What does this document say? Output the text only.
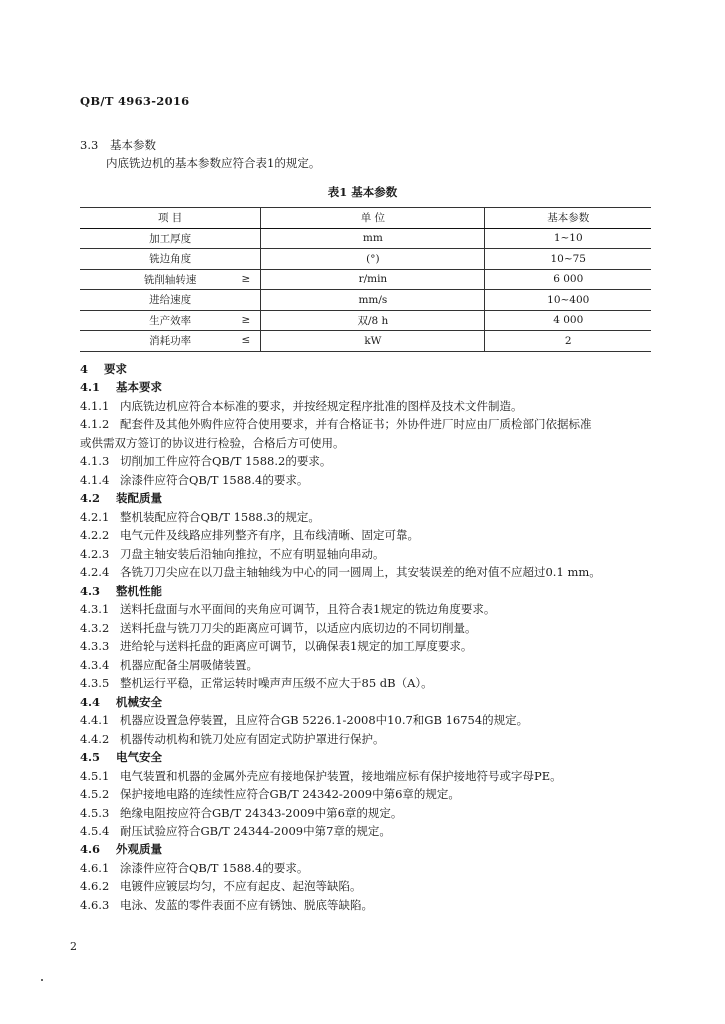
QB/T 4963-2016
3.3 基本参数
内底铣边机的基本参数应符合表1的规定。
表1 基本参数
项 目	单 位	基本参数
加工厚度	mm	1~10
铣边角度	(°)	10~75
铣削轴转速 ≥	r/min	6 000
进给速度	mm/s	10~400
生产效率 ≥	双/8 h	4 000
消耗功率 ≤	kW	2
4 要求
4.1 基本要求
4.1.1 内底铣边机应符合本标准的要求，并按经规定程序批准的图样及技术文件制造。
4.1.2 配套件及其他外购件应符合使用要求，并有合格证书；外协件进厂时应由厂质检部门依据标准
或供需双方签订的协议进行检验，合格后方可使用。
4.1.3 切削加工件应符合QB/T 1588.2的要求。
4.1.4 涂漆件应符合QB/T 1588.4的要求。
4.2 装配质量
4.2.1 整机装配应符合QB/T 1588.3的规定。
4.2.2 电气元件及线路应排列整齐有序，且布线清晰、固定可靠。
4.2.3 刀盘主轴安装后沿轴向推拉，不应有明显轴向串动。
4.2.4 各铣刀刀尖应在以刀盘主轴轴线为中心的同一圆周上，其安装误差的绝对值不应超过0.1 mm。
4.3 整机性能
4.3.1 送料托盘面与水平面间的夹角应可调节，且符合表1规定的铣边角度要求。
4.3.2 送料托盘与铣刀刀尖的距离应可调节，以适应内底切边的不同切削量。
4.3.3 进给轮与送料托盘的距离应可调节，以确保表1规定的加工厚度要求。
4.3.4 机器应配备尘屑吸储装置。
4.3.5 整机运行平稳，正常运转时噪声声压级不应大于85 dB（A）。
4.4 机械安全
4.4.1 机器应设置急停装置，且应符合GB 5226.1-2008中10.7和GB 16754的规定。
4.4.2 机器传动机构和铣刀处应有固定式防护罩进行保护。
4.5 电气安全
4.5.1 电气装置和机器的金属外壳应有接地保护装置，接地端应标有保护接地符号或字母PE。
4.5.2 保护接地电路的连续性应符合GB/T 24342-2009中第6章的规定。
4.5.3 绝缘电阻按应符合GB/T 24343-2009中第6章的规定。
4.5.4 耐压试验应符合GB/T 24344-2009中第7章的规定。
4.6 外观质量
4.6.1 涂漆件应符合QB/T 1588.4的要求。
4.6.2 电镀件应镀层均匀，不应有起皮、起泡等缺陷。
4.6.3 电泳、发蓝的零件表面不应有锈蚀、脱底等缺陷。
2
